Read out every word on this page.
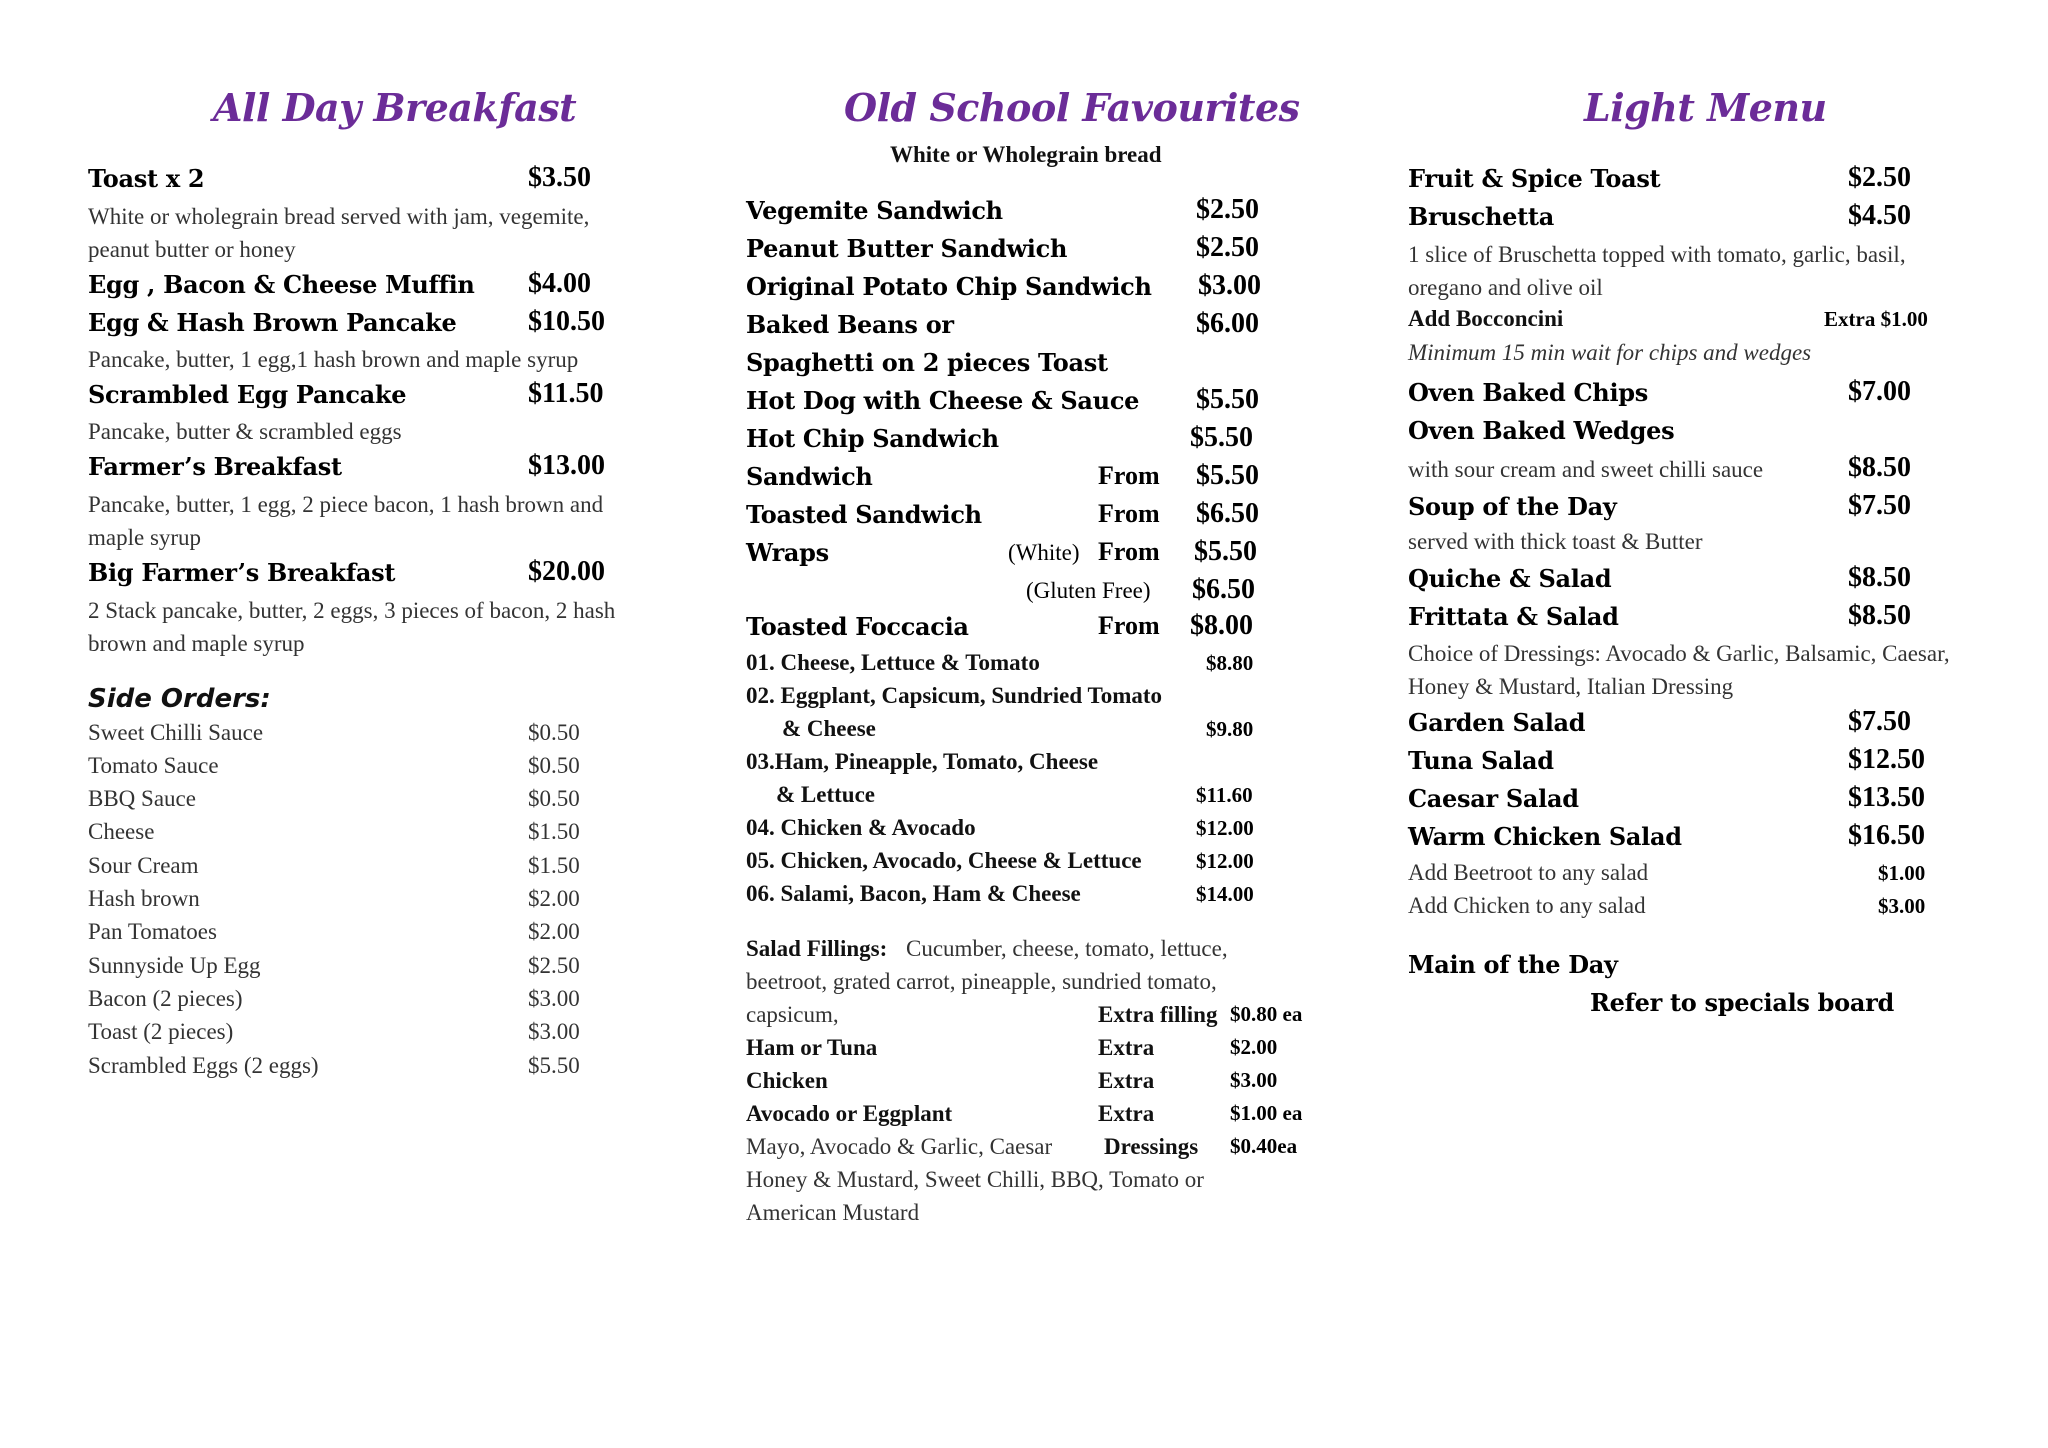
All Day Breakfast
Toast x 2	$3.50
White or wholegrain bread served with jam, vegemite, peanut butter or honey
Egg , Bacon & Cheese Muffin $4.00
Egg & Hash Brown Pancake	$10.50
Pancake, butter, 1 egg,1 hash brown and maple syrup
Scrambled Egg Pancake	$11.50
Pancake, butter & scrambled eggs
Farmer’s Breakfast	$13.00
Pancake, butter, 1 egg, 2 piece bacon, 1 hash brown and maple syrup
Big Farmer’s Breakfast	$20.00
2 Stack pancake, butter, 2 eggs, 3 pieces of bacon, 2 hash brown and maple syrup
Side Orders:
Sweet Chilli Sauce	$0.50
Tomato Sauce	$0.50
BBQ Sauce	$0.50
Cheese	$1.50
Sour Cream	$1.50
Hash brown	$2.00
Pan Tomatoes	$2.00
Sunnyside Up Egg	$2.50
Bacon (2 pieces)	$3.00
Toast (2 pieces)	$3.00
Scrambled Eggs (2 eggs)	$5.50
Old School Favourites
White or Wholegrain bread
Vegemite Sandwich	$2.50
Peanut Butter Sandwich	$2.50
Original Potato Chip Sandwich $3.00
Baked Beans or	$6.00
Spaghetti on 2 pieces Toast
Hot Dog with Cheese & Sauce $5.50
Hot Chip Sandwich	$5.50
Sandwich	From $5.50
Toasted Sandwich	From $6.50
Wraps	(White) From $5.50
(Gluten Free) $6.50
Toasted Foccacia	From $8.00
01. Cheese, Lettuce & Tomato	$8.80
02. Eggplant, Capsicum, Sundried Tomato
& Cheese	$9.80
03.Ham, Pineapple, Tomato, Cheese
& Lettuce	$11.60
04. Chicken & Avocado	$12.00
05. Chicken, Avocado, Cheese & Lettuce	$12.00
06. Salami, Bacon, Ham & Cheese	$14.00
Salad Fillings: Cucumber, cheese, tomato, lettuce,
beetroot, grated carrot, pineapple, sundried tomato,
capsicum,	Extra filling $0.80 ea
Ham or Tuna	Extra	$2.00
Chicken	Extra	$3.00
Avocado or Eggplant	Extra	$1.00 ea
Mayo, Avocado & Garlic, Caesar Dressings $0.40ea
Honey & Mustard, Sweet Chilli, BBQ, Tomato or
American Mustard
Light Menu
Fruit & Spice Toast	$2.50
Bruschetta	$4.50
1 slice of Bruschetta topped with tomato, garlic, basil, oregano and olive oil
Add Bocconcini	Extra $1.00
Minimum 15 min wait for chips and wedges
Oven Baked Chips	$7.00
Oven Baked Wedges
with sour cream and sweet chilli sauce	$8.50
Soup of the Day	$7.50
served with thick toast & Butter
Quiche & Salad	$8.50
Frittata & Salad	$8.50
Choice of Dressings: Avocado & Garlic, Balsamic, Caesar, Honey & Mustard, Italian Dressing
Garden Salad	$7.50
Tuna Salad	$12.50
Caesar Salad	$13.50
Warm Chicken Salad	$16.50
Add Beetroot to any salad	$1.00
Add Chicken to any salad	$3.00
Main of the Day
Refer to specials board
